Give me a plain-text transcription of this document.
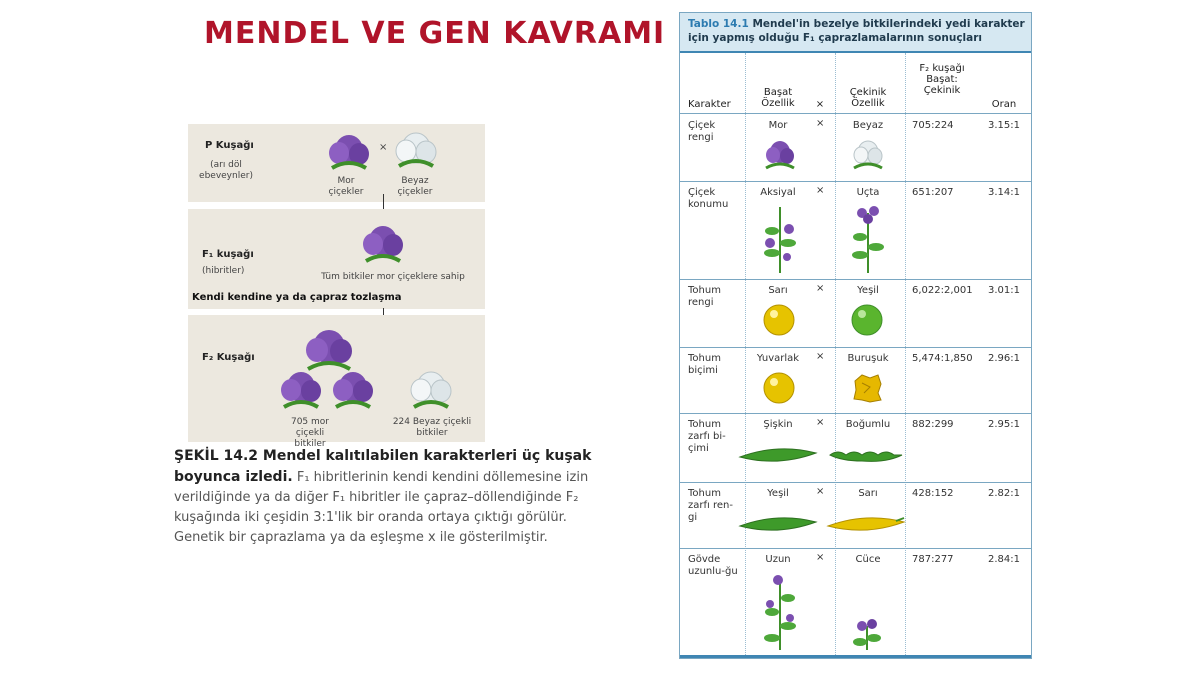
MENDEL VE GEN KAVRAMI
P Kuşağı
(arı döl ebeveynler)
×
Mor çiçekler
Beyaz çiçekler
F₁ kuşağı
(hibritler)
Tüm bitkiler mor çiçeklere sahip
Kendi kendine ya da çapraz tozlaşma
F₂ Kuşağı
705 mor çiçekli bitkiler
224 Beyaz çiçekli bitkiler
ŞEKİL 14.2 Mendel kalıtılabilen karakterleri üç kuşak boyunca izledi. F₁ hibritlerinin kendi kendini döllemesine izin verildiğinde ya da diğer F₁ hibritler ile çapraz–döllendiğinde F₂ kuşağında iki çeşidin 3:1'lik bir oranda ortaya çıktığı görülür. Genetik bir çaprazlama ya da eşleşme x ile gösterilmiştir.
Tablo 14.1 Mendel'in bezelye bitkilerindeki yedi karakter için yapmış olduğu F₁ çaprazlamalarının sonuçları
Karakter
Başat Özellik	×
Çekinik Özellik
F₂ kuşağı Başat: Çekinik
Oran
Çiçek rengi
Mor	×	Beyaz	705:224	3.15:1
Çiçek konumu
Aksiyal	×	Uçta	651:207	3.14:1
Tohum rengi
Sarı	×	Yeşil	6,022:2,001 3.01:1
Tohum biçimi
Yuvarlak	×	Buruşuk	5,474:1,850 2.96:1
Tohum zarfı bi-çimi
Şişkin	×	Boğumlu	882:299	2.95:1
Tohum zarfı ren-gi
Yeşil	×	Sarı	428:152	2.82:1
Gövde uzunlu-ğu
Uzun	×	Cüce	787:277	2.84:1
